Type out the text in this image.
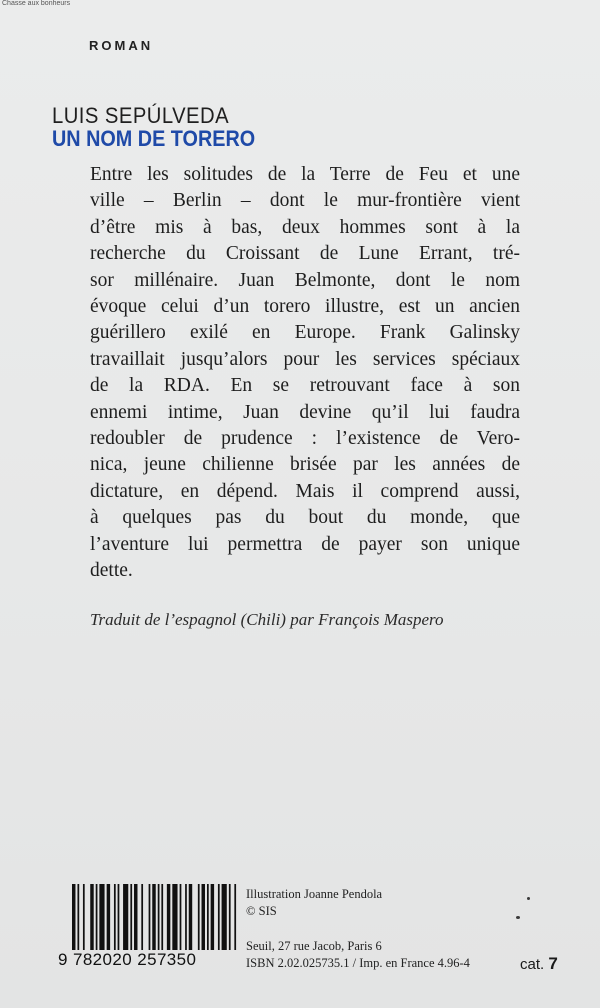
Chasse aux bonheurs
ROMAN
LUIS SEPÚLVEDA
UN NOM DE TORERO
Entre les solitudes de la Terre de Feu et une
ville – Berlin – dont le mur-frontière vient
d’être mis à bas, deux hommes sont à la
recherche du Croissant de Lune Errant, tré-
sor millénaire. Juan Belmonte, dont le nom
évoque celui d’un torero illustre, est un ancien
guérillero exilé en Europe. Frank Galinsky
travaillait jusqu’alors pour les services spéciaux
de la RDA. En se retrouvant face à son
ennemi intime, Juan devine qu’il lui faudra
redoubler de prudence : l’existence de Vero-
nica, jeune chilienne brisée par les années de
dictature, en dépend. Mais il comprend aussi,
à quelques pas du bout du monde, que
l’aventure lui permettra de payer son unique
dette.
Traduit de l’espagnol (Chili) par François Maspero
9 782020 257350
Illustration Joanne Pendola
© SIS
Seuil, 27 rue Jacob, Paris 6
ISBN 2.02.025735.1 / Imp. en France 4.96-4	cat. 7
